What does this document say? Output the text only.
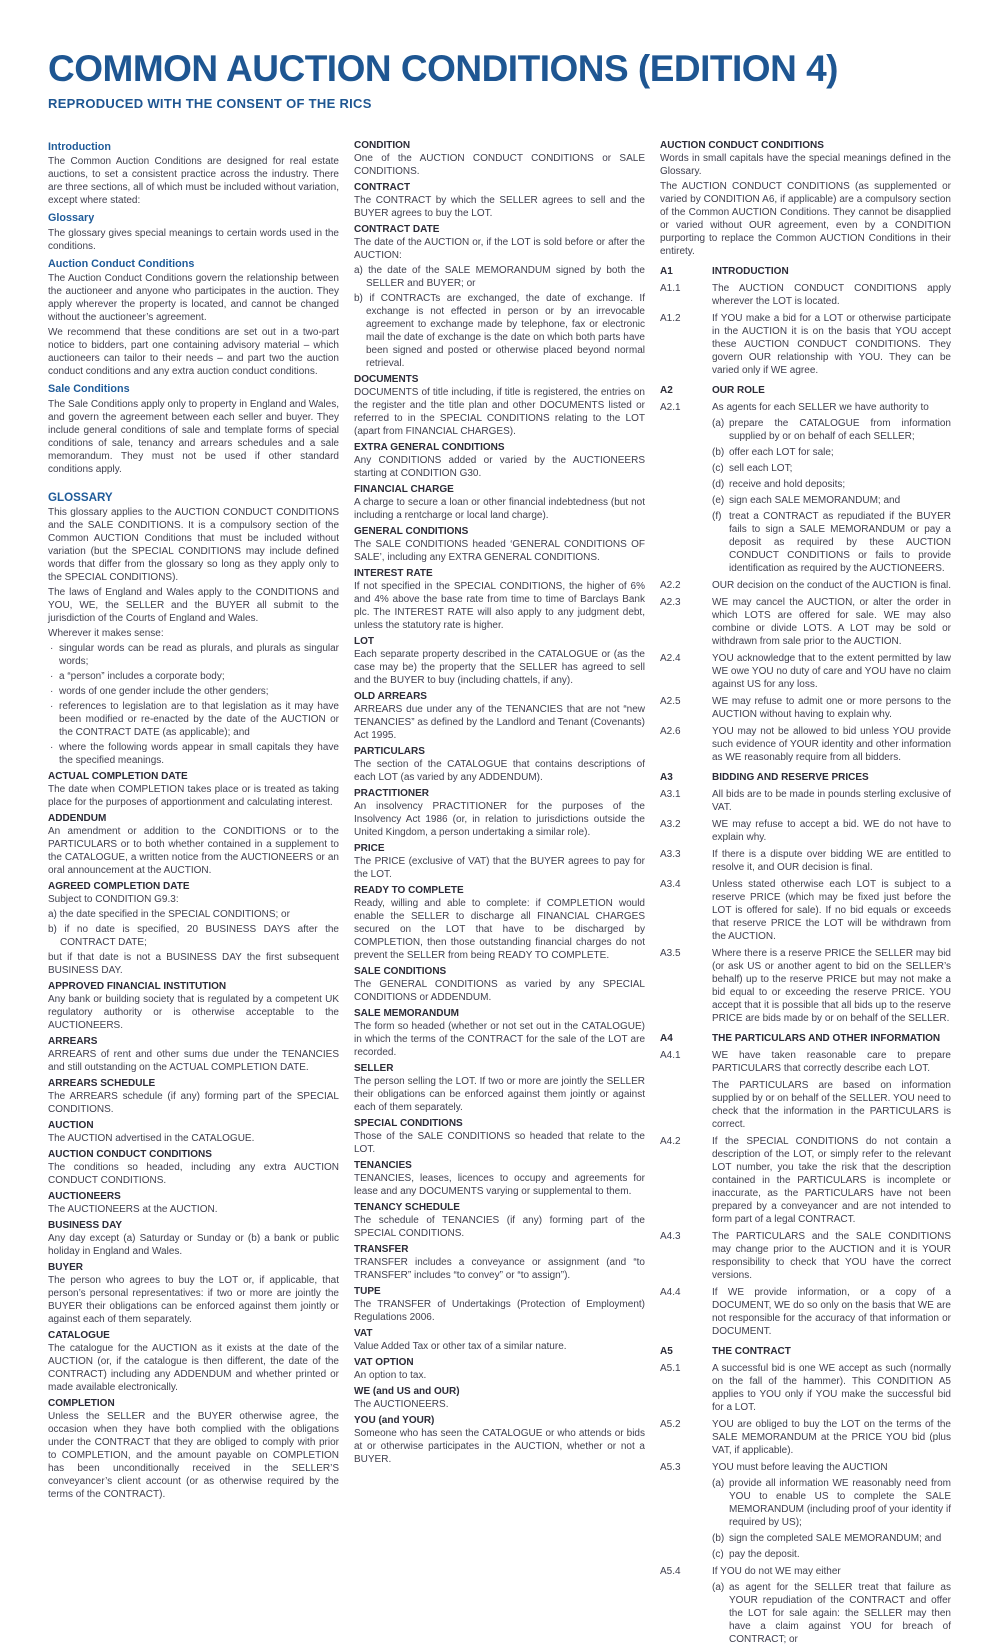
COMMON AUCTION CONDITIONS (EDITION 4)
REPRODUCED WITH THE CONSENT OF THE RICS
Introduction

The Common Auction Conditions are designed for real estate auctions, to set a consistent practice across the industry. There are three sections, all of which must be included without variation, except where stated:

Glossary

The glossary gives special meanings to certain words used in the conditions.

Auction Conduct Conditions

The Auction Conduct Conditions govern the relationship between the auctioneer and anyone who participates in the auction. They apply wherever the property is located, and cannot be changed without the auctioneer’s agreement.

We recommend that these conditions are set out in a two-part notice to bidders, part one containing advisory material – which auctioneers can tailor to their needs – and part two the auction conduct conditions and any extra auction conduct conditions.

Sale Conditions

The Sale Conditions apply only to property in England and Wales, and govern the agreement between each seller and buyer. They include general conditions of sale and template forms of special conditions of sale, tenancy and arrears schedules and a sale memorandum. They must not be used if other standard conditions apply.

GLOSSARY

This glossary applies to the AUCTION CONDUCT CONDITIONS and the SALE CONDITIONS. It is a compulsory section of the Common AUCTION Conditions that must be included without variation (but the SPECIAL CONDITIONS may include defined words that differ from the glossary so long as they apply only to the SPECIAL CONDITIONS).

The laws of England and Wales apply to the CONDITIONS and YOU, WE, the SELLER and the BUYER all submit to the jurisdiction of the Courts of England and Wales.

Wherever it makes sense:

· singular words can be read as plurals, and plurals as singular words;
· a “person” includes a corporate body;
· words of one gender include the other genders;
· references to legislation are to that legislation as it may have been modified or re-enacted by the date of the AUCTION or the CONTRACT DATE (as applicable); and
· where the following words appear in small capitals they have the specified meanings.
ACTUAL COMPLETION DATE

The date when COMPLETION takes place or is treated as taking place for the purposes of apportionment and calculating interest.

ADDENDUM

An amendment or addition to the CONDITIONS or to the PARTICULARS or to both whether contained in a supplement to the CATALOGUE, a written notice from the AUCTIONEERS or an oral announcement at the AUCTION.

AGREED COMPLETION DATE

Subject to CONDITION G9.3:

a) the date specified in the SPECIAL CONDITIONS; or

b) if no date is specified, 20 BUSINESS DAYS after the CONTRACT DATE;

but if that date is not a BUSINESS DAY the first subsequent BUSINESS DAY.

APPROVED FINANCIAL INSTITUTION

Any bank or building society that is regulated by a competent UK regulatory authority or is otherwise acceptable to the AUCTIONEERS.

ARREARS

ARREARS of rent and other sums due under the TENANCIES and still outstanding on the ACTUAL COMPLETION DATE.

ARREARS SCHEDULE

The ARREARS schedule (if any) forming part of the SPECIAL CONDITIONS.

AUCTION

The AUCTION advertised in the CATALOGUE.

AUCTION CONDUCT CONDITIONS

The conditions so headed, including any extra AUCTION CONDUCT CONDITIONS.

AUCTIONEERS

The AUCTIONEERS at the AUCTION.

BUSINESS DAY

Any day except (a) Saturday or Sunday or (b) a bank or public holiday in England and Wales.

BUYER

The person who agrees to buy the LOT or, if applicable, that person’s personal representatives: if two or more are jointly the BUYER their obligations can be enforced against them jointly or against each of them separately.

CATALOGUE

The catalogue for the AUCTION as it exists at the date of the AUCTION (or, if the catalogue is then different, the date of the CONTRACT) including any ADDENDUM and whether printed or made available electronically.

COMPLETION

Unless the SELLER and the BUYER otherwise agree, the occasion when they have both complied with the obligations under the CONTRACT that they are obliged to comply with prior to COMPLETION, and the amount payable on COMPLETION has been unconditionally received in the SELLER’S conveyancer’s client account (or as otherwise required by the terms of the CONTRACT).

CONDITION

One of the AUCTION CONDUCT CONDITIONS or SALE CONDITIONS.

CONTRACT

The CONTRACT by which the SELLER agrees to sell and the BUYER agrees to buy the LOT.

CONTRACT DATE

The date of the AUCTION or, if the LOT is sold before or after the AUCTION:

a) the date of the SALE MEMORANDUM signed by both the SELLER and BUYER; or

b) if CONTRACTs are exchanged, the date of exchange. If exchange is not effected in person or by an irrevocable agreement to exchange made by telephone, fax or electronic mail the date of exchange is the date on which both parts have been signed and posted or otherwise placed beyond normal retrieval.

DOCUMENTS

DOCUMENTS of title including, if title is registered, the entries on the register and the title plan and other DOCUMENTS listed or referred to in the SPECIAL CONDITIONS relating to the LOT (apart from FINANCIAL CHARGES).

EXTRA GENERAL CONDITIONS

Any CONDITIONS added or varied by the AUCTIONEERS starting at CONDITION G30.

FINANCIAL CHARGE

A charge to secure a loan or other financial indebtedness (but not including a rentcharge or local land charge).

GENERAL CONDITIONS

The SALE CONDITIONS headed ‘GENERAL CONDITIONS OF SALE’, including any EXTRA GENERAL CONDITIONS.

INTEREST RATE

If not specified in the SPECIAL CONDITIONS, the higher of 6% and 4% above the base rate from time to time of Barclays Bank plc. The INTEREST RATE will also apply to any judgment debt, unless the statutory rate is higher.

LOT

Each separate property described in the CATALOGUE or (as the case may be) the property that the SELLER has agreed to sell and the BUYER to buy (including chattels, if any).

OLD ARREARS

ARREARS due under any of the TENANCIES that are not “new TENANCIES” as defined by the Landlord and Tenant (Covenants) Act 1995.

PARTICULARS

The section of the CATALOGUE that contains descriptions of each LOT (as varied by any ADDENDUM).

PRACTITIONER

An insolvency PRACTITIONER for the purposes of the Insolvency Act 1986 (or, in relation to jurisdictions outside the United Kingdom, a person undertaking a similar role).

PRICE

The PRICE (exclusive of VAT) that the BUYER agrees to pay for the LOT.

READY TO COMPLETE

Ready, willing and able to complete: if COMPLETION would enable the SELLER to discharge all FINANCIAL CHARGES secured on the LOT that have to be discharged by COMPLETION, then those outstanding financial charges do not prevent the SELLER from being READY TO COMPLETE.

SALE CONDITIONS

The GENERAL CONDITIONS as varied by any SPECIAL CONDITIONS or ADDENDUM.

SALE MEMORANDUM

The form so headed (whether or not set out in the CATALOGUE) in which the terms of the CONTRACT for the sale of the LOT are recorded.

SELLER

The person selling the LOT. If two or more are jointly the SELLER their obligations can be enforced against them jointly or against each of them separately.

SPECIAL CONDITIONS

Those of the SALE CONDITIONS so headed that relate to the LOT.

TENANCIES

TENANCIES, leases, licences to occupy and agreements for lease and any DOCUMENTS varying or supplemental to them.

TENANCY SCHEDULE

The schedule of TENANCIES (if any) forming part of the SPECIAL CONDITIONS.

TRANSFER

TRANSFER includes a conveyance or assignment (and “to TRANSFER” includes “to convey” or “to assign”).

TUPE

The TRANSFER of Undertakings (Protection of Employment) Regulations 2006.

VAT

Value Added Tax or other tax of a similar nature.

VAT OPTION

An option to tax.

WE (and US and OUR)

The AUCTIONEERS.

YOU (and YOUR)

Someone who has seen the CATALOGUE or who attends or bids at or otherwise participates in the AUCTION, whether or not a BUYER.

AUCTION CONDUCT CONDITIONS

Words in small capitals have the special meanings defined in the Glossary.

The AUCTION CONDUCT CONDITIONS (as supplemented or varied by CONDITION A6, if applicable) are a compulsory section of the Common AUCTION Conditions. They cannot be disapplied or varied without OUR agreement, even by a CONDITION purporting to replace the Common AUCTION Conditions in their entirety.

A1	INTRODUCTION
A1.1	The AUCTION CONDUCT CONDITIONS apply wherever the LOT is located.

A1.2	If YOU make a bid for a LOT or otherwise participate in the AUCTION it is on the basis that YOU accept these AUCTION CONDUCT CONDITIONS. They govern OUR relationship with YOU. They can be varied only if WE agree.

A2	OUR ROLE
A2.1	As agents for each SELLER we have authority to

(a) prepare the CATALOGUE from information supplied by or on behalf of each SELLER;
(b) offer each LOT for sale;
(c) sell each LOT;
(d) receive and hold deposits;
(e) sign each SALE MEMORANDUM; and
(f) treat a CONTRACT as repudiated if the BUYER fails to sign a SALE MEMORANDUM or pay a deposit as required by these AUCTION CONDUCT CONDITIONS or fails to provide identification as required by the AUCTIONEERS.
A2.2	OUR decision on the conduct of the AUCTION is final.

A2.3	WE may cancel the AUCTION, or alter the order in which LOTS are offered for sale. WE may also combine or divide LOTS. A LOT may be sold or withdrawn from sale prior to the AUCTION.

A2.4	YOU acknowledge that to the extent permitted by law WE owe YOU no duty of care and YOU have no claim against US for any loss.

A2.5	WE may refuse to admit one or more persons to the AUCTION without having to explain why.

A2.6	YOU may not be allowed to bid unless YOU provide such evidence of YOUR identity and other information as WE reasonably require from all bidders.

A3	BIDDING AND RESERVE PRICES
A3.1	All bids are to be made in pounds sterling exclusive of VAT.

A3.2	WE may refuse to accept a bid. WE do not have to explain why.

A3.3	If there is a dispute over bidding WE are entitled to resolve it, and OUR decision is final.

A3.4	Unless stated otherwise each LOT is subject to a reserve PRICE (which may be fixed just before the LOT is offered for sale). If no bid equals or exceeds that reserve PRICE the LOT will be withdrawn from the AUCTION.

A3.5	Where there is a reserve PRICE the SELLER may bid (or ask US or another agent to bid on the SELLER’s behalf) up to the reserve PRICE but may not make a bid equal to or exceeding the reserve PRICE. YOU accept that it is possible that all bids up to the reserve PRICE are bids made by or on behalf of the SELLER.

A4	THE PARTICULARS AND OTHER INFORMATION
A4.1	WE have taken reasonable care to prepare PARTICULARS that correctly describe each LOT.

The PARTICULARS are based on information supplied by or on behalf of the SELLER. YOU need to check that the information in the PARTICULARS is correct.

A4.2	If the SPECIAL CONDITIONS do not contain a description of the LOT, or simply refer to the relevant LOT number, you take the risk that the description contained in the PARTICULARS is incomplete or inaccurate, as the PARTICULARS have not been prepared by a conveyancer and are not intended to form part of a legal CONTRACT.

A4.3	The PARTICULARS and the SALE CONDITIONS may change prior to the AUCTION and it is YOUR responsibility to check that YOU have the correct versions.

A4.4	If WE provide information, or a copy of a DOCUMENT, WE do so only on the basis that WE are not responsible for the accuracy of that information or DOCUMENT.

A5	THE CONTRACT
A5.1	A successful bid is one WE accept as such (normally on the fall of the hammer). This CONDITION A5 applies to YOU only if YOU make the successful bid for a LOT.

A5.2	YOU are obliged to buy the LOT on the terms of the SALE MEMORANDUM at the PRICE YOU bid (plus VAT, if applicable).

A5.3	YOU must before leaving the AUCTION

(a) provide all information WE reasonably need from YOU to enable US to complete the SALE MEMORANDUM (including proof of your identity if required by US);
(b) sign the completed SALE MEMORANDUM; and
(c) pay the deposit.
A5.4	If YOU do not WE may either

(a) as agent for the SELLER treat that failure as YOUR repudiation of the CONTRACT and offer the LOT for sale again: the SELLER may then have a claim against YOU for breach of CONTRACT; or
